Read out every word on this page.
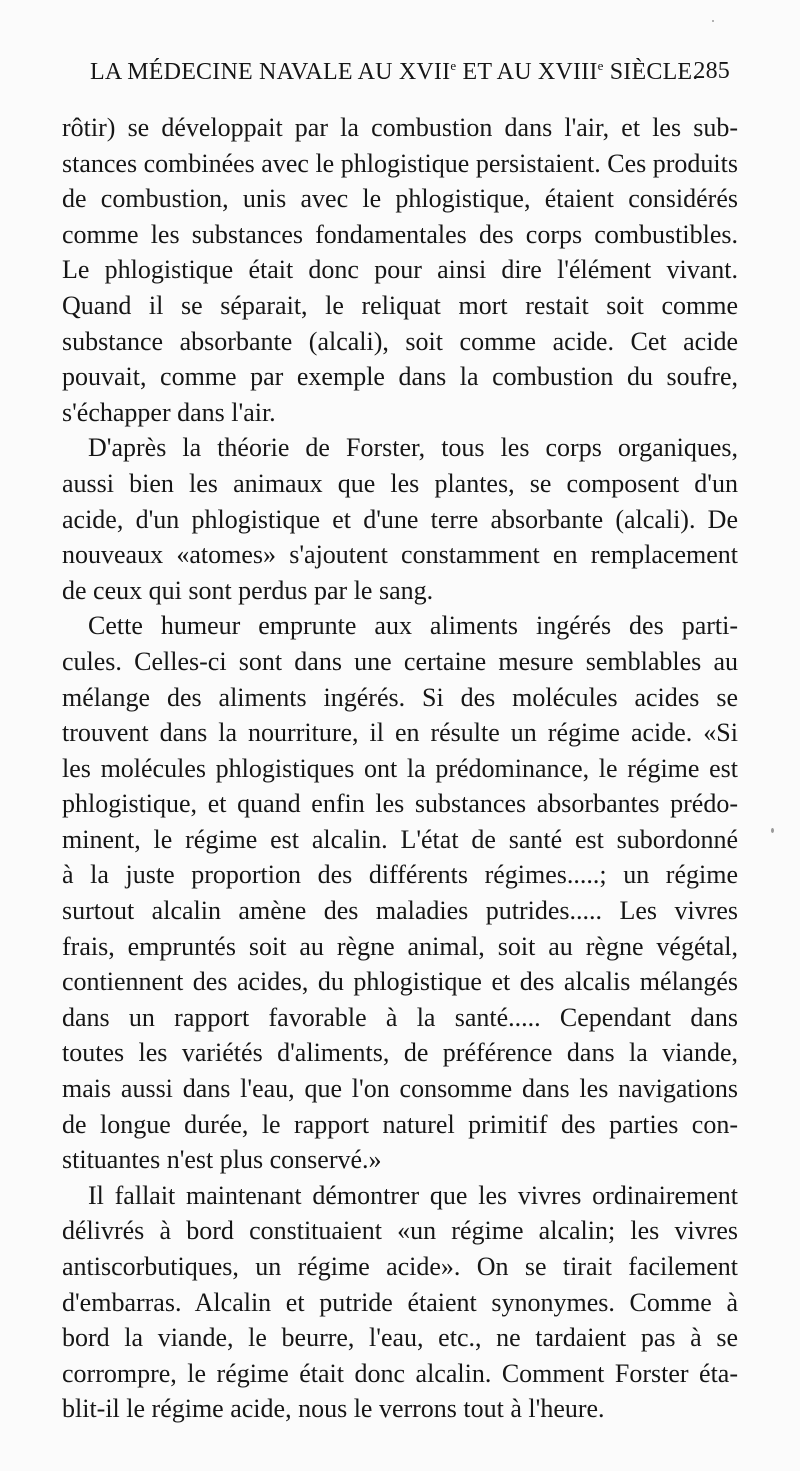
LA MÉDECINE NAVALE AU XVIIe ET AU XVIIIe SIÈCLE.
285
rôtir) se développait par la combustion dans l'air, et les sub-
stances combinées avec le phlogistique persistaient. Ces produits
de combustion, unis avec le phlogistique, étaient considérés
comme les substances fondamentales des corps combustibles.
Le phlogistique était donc pour ainsi dire l'élément vivant.
Quand il se séparait, le reliquat mort restait soit comme
substance absorbante (alcali), soit comme acide. Cet acide
pouvait, comme par exemple dans la combustion du soufre,
s'échapper dans l'air.
D'après la théorie de Forster, tous les corps organiques,
aussi bien les animaux que les plantes, se composent d'un
acide, d'un phlogistique et d'une terre absorbante (alcali). De
nouveaux «atomes» s'ajoutent constamment en remplacement
de ceux qui sont perdus par le sang.
Cette humeur emprunte aux aliments ingérés des parti-
cules. Celles-ci sont dans une certaine mesure semblables au
mélange des aliments ingérés. Si des molécules acides se
trouvent dans la nourriture, il en résulte un régime acide. «Si
les molécules phlogistiques ont la prédominance, le régime est
phlogistique, et quand enfin les substances absorbantes prédo-
minent, le régime est alcalin. L'état de santé est subordonné
à la juste proportion des différents régimes.....; un régime
surtout alcalin amène des maladies putrides..... Les vivres
frais, empruntés soit au règne animal, soit au règne végétal,
contiennent des acides, du phlogistique et des alcalis mélangés
dans un rapport favorable à la santé..... Cependant dans
toutes les variétés d'aliments, de préférence dans la viande,
mais aussi dans l'eau, que l'on consomme dans les navigations
de longue durée, le rapport naturel primitif des parties con-
stituantes n'est plus conservé.»
Il fallait maintenant démontrer que les vivres ordinairement
délivrés à bord constituaient «un régime alcalin; les vivres
antiscorbutiques, un régime acide». On se tirait facilement
d'embarras. Alcalin et putride étaient synonymes. Comme à
bord la viande, le beurre, l'eau, etc., ne tardaient pas à se
corrompre, le régime était donc alcalin. Comment Forster éta-
blit-il le régime acide, nous le verrons tout à l'heure.
